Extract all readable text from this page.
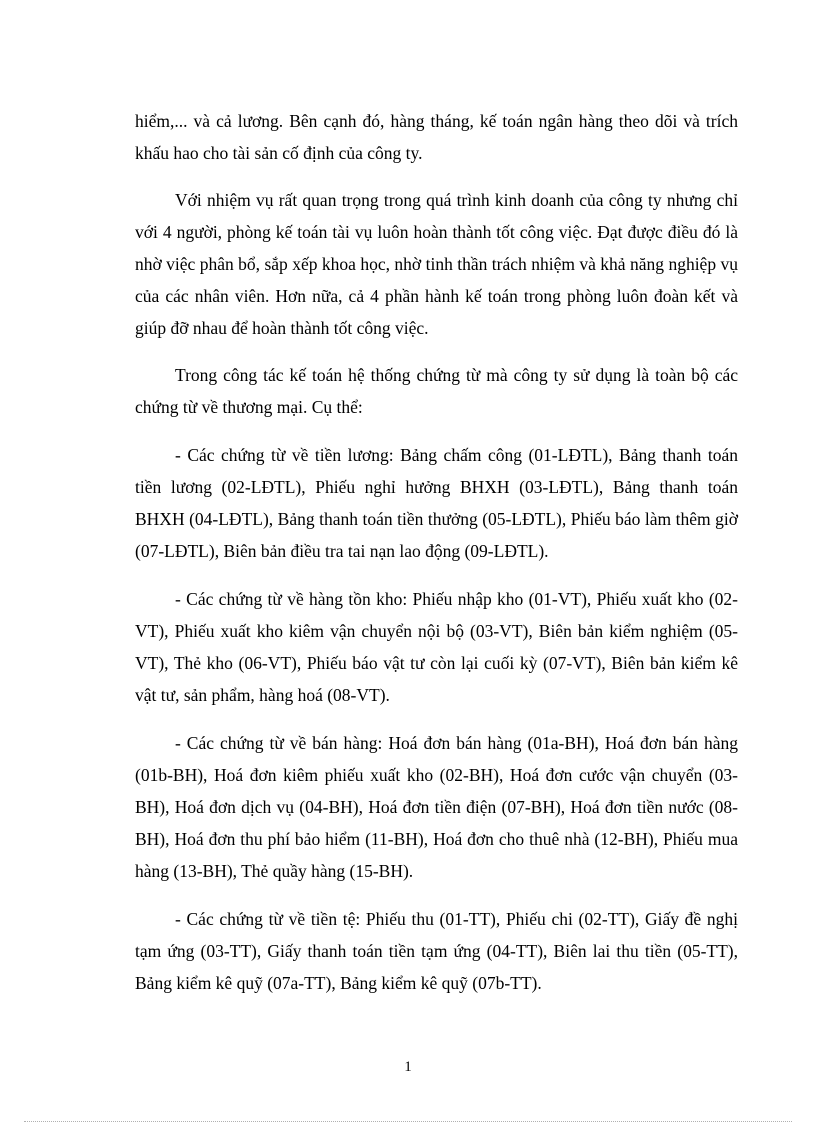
hiểm,... và cả lương. Bên cạnh đó, hàng tháng, kế toán ngân hàng theo dõi và trích khấu hao cho tài sản cố định của công ty.

Với nhiệm vụ rất quan trọng trong quá trình kinh doanh của công ty nhưng chỉ với 4 người, phòng kế toán tài vụ luôn hoàn thành tốt công việc. Đạt được điều đó là nhờ việc phân bổ, sắp xếp khoa học, nhờ tinh thần trách nhiệm và khả năng nghiệp vụ của các nhân viên. Hơn nữa, cả 4 phần hành kế toán trong phòng luôn đoàn kết và giúp đỡ nhau để hoàn thành tốt công việc.

Trong công tác kế toán hệ thống chứng từ mà công ty sử dụng là toàn bộ các chứng từ về thương mại. Cụ thể:

- Các chứng từ về tiền lương: Bảng chấm công (01-LĐTL), Bảng thanh toán tiền lương (02-LĐTL), Phiếu nghỉ hưởng BHXH (03-LĐTL), Bảng thanh toán BHXH (04-LĐTL), Bảng thanh toán tiền thưởng (05-LĐTL), Phiếu báo làm thêm giờ (07-LĐTL), Biên bản điều tra tai nạn lao động (09-LĐTL).

- Các chứng từ về hàng tồn kho: Phiếu nhập kho (01-VT), Phiếu xuất kho (02-VT), Phiếu xuất kho kiêm vận chuyển nội bộ (03-VT), Biên bản kiểm nghiệm (05-VT), Thẻ kho (06-VT), Phiếu báo vật tư còn lại cuối kỳ (07-VT), Biên bản kiểm kê vật tư, sản phẩm, hàng hoá (08-VT).

- Các chứng từ về bán hàng: Hoá đơn bán hàng (01a-BH), Hoá đơn bán hàng (01b-BH), Hoá đơn kiêm phiếu xuất kho (02-BH), Hoá đơn cước vận chuyển (03-BH), Hoá đơn dịch vụ (04-BH), Hoá đơn tiền điện (07-BH), Hoá đơn tiền nước (08-BH), Hoá đơn thu phí bảo hiểm (11-BH), Hoá đơn cho thuê nhà (12-BH), Phiếu mua hàng (13-BH), Thẻ quầy hàng (15-BH).

- Các chứng từ về tiền tệ: Phiếu thu (01-TT), Phiếu chi (02-TT), Giấy đề nghị tạm ứng (03-TT), Giấy thanh toán tiền tạm ứng (04-TT), Biên lai thu tiền (05-TT), Bảng kiểm kê quỹ (07a-TT), Bảng kiểm kê quỹ (07b-TT).

1
